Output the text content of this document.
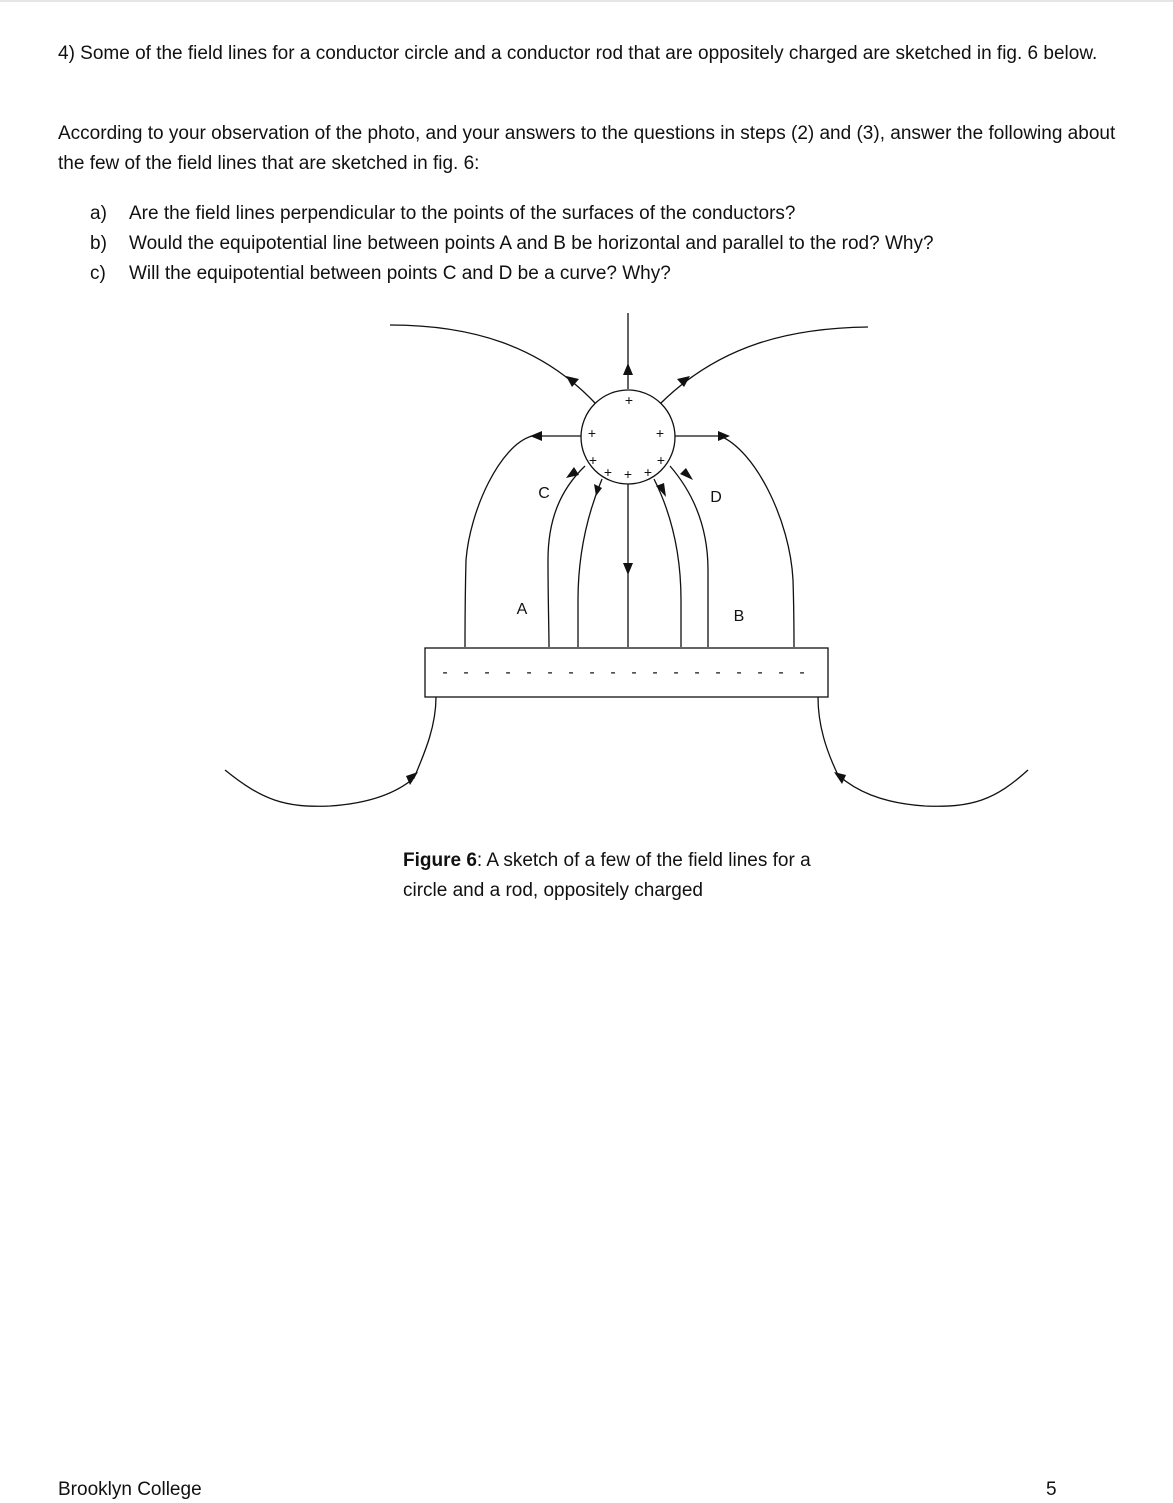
4) Some of the field lines for a conductor circle and a conductor rod that are oppositely charged are sketched in fig. 6 below.

According to your observation of the photo, and your answers to the questions in steps (2) and (3), answer the following about the few of the field lines that are sketched in fig. 6:

a) Are the field lines perpendicular to the points of the surfaces of the conductors?
b) Would the equipotential line between points A and B be horizontal and parallel to the rod? Why?
c) Will the equipotential between points C and D be a curve? Why?
+
+	+
+	+
+ + +
- - - - - - - - - - - - - - - - - -
A	B
C	D

Figure 6: A sketch of a few of the field lines for a circle and a rod, oppositely charged

Brooklyn College	5
